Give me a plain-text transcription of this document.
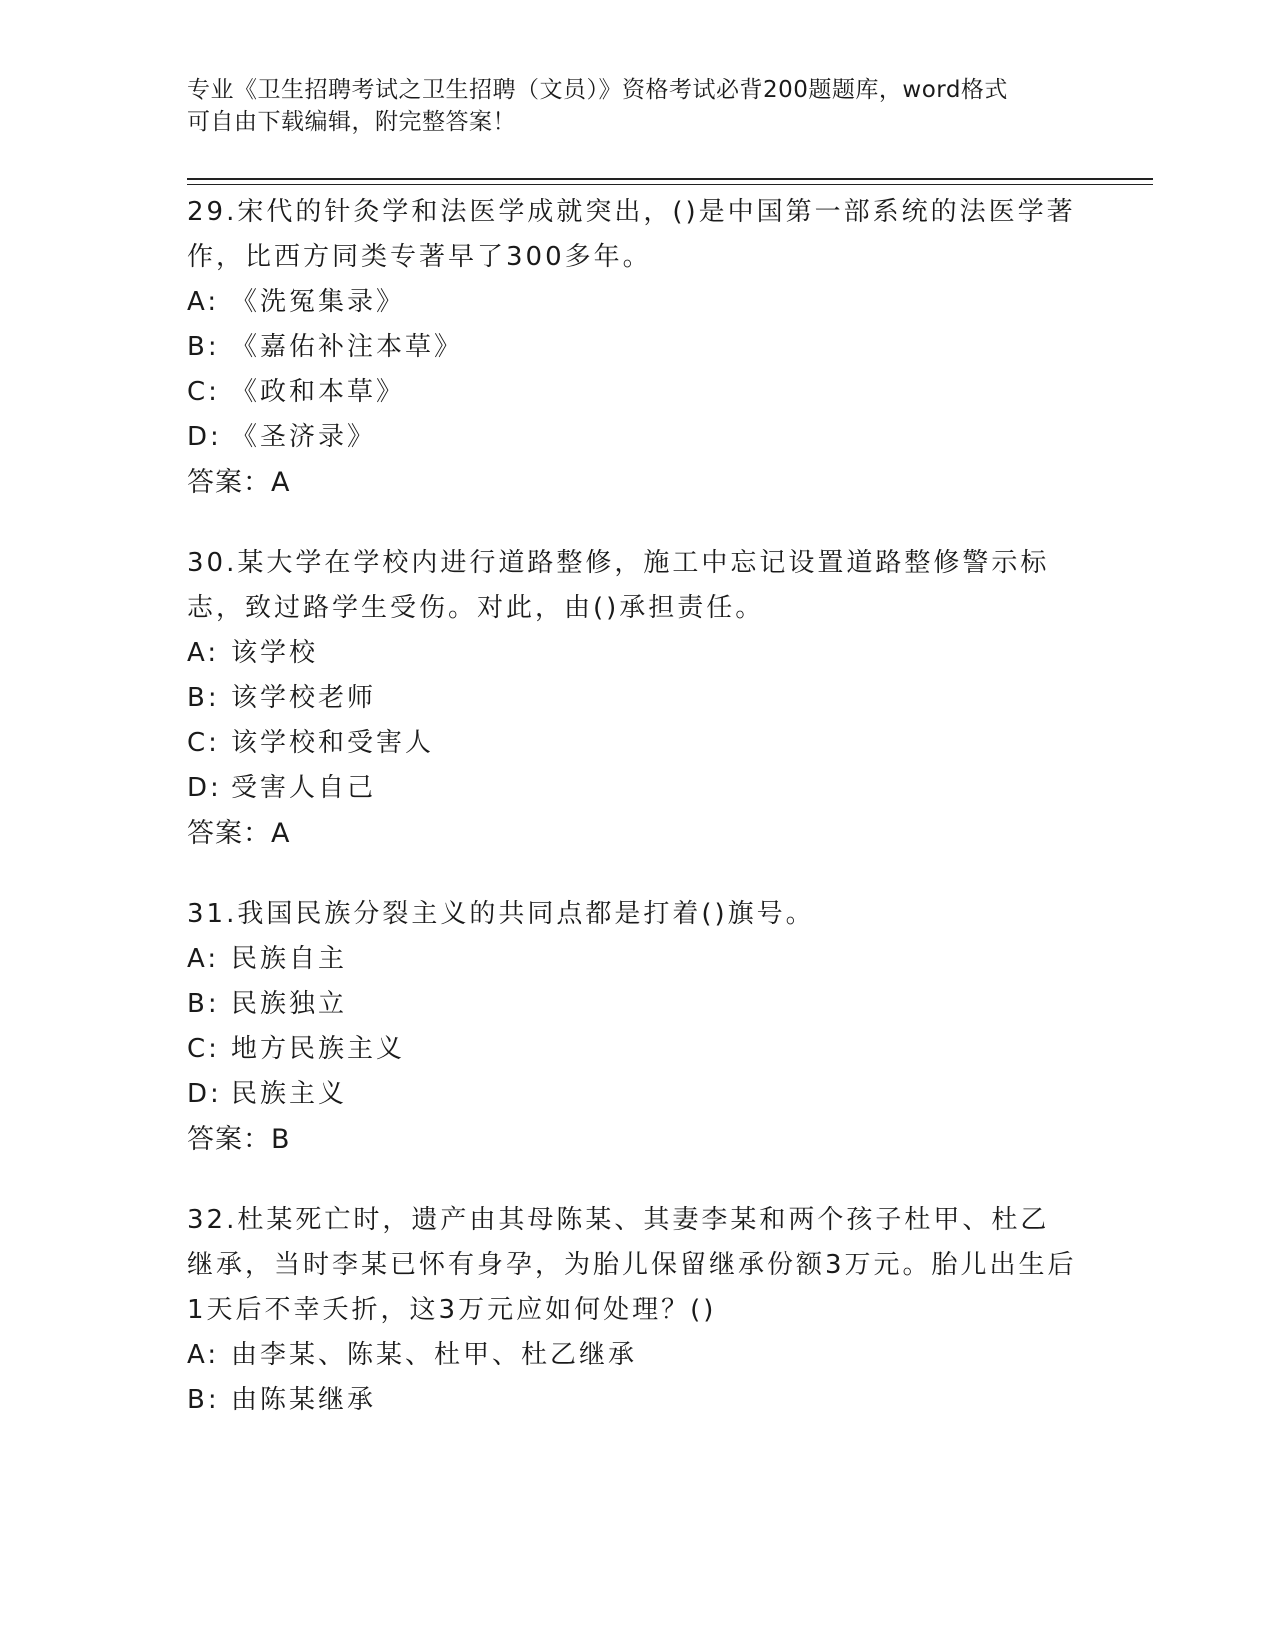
专业《卫生招聘考试之卫生招聘（文员）》资格考试必背200题题库，word格式
可自由下载编辑，附完整答案！

29.宋代的针灸学和法医学成就突出，()是中国第一部系统的法医学著作，比西方同类专著早了300多年。

A: 《洗冤集录》
B: 《嘉佑补注本草》
C: 《政和本草》
D: 《圣济录》

答案：A

30.某大学在学校内进行道路整修，施工中忘记设置道路整修警示标志，致过路学生受伤。对此，由()承担责任。

A: 该学校
B: 该学校老师
C: 该学校和受害人
D: 受害人自己

答案：A

31.我国民族分裂主义的共同点都是打着()旗号。

A: 民族自主
B: 民族独立
C: 地方民族主义
D: 民族主义

答案：B

32.杜某死亡时，遗产由其母陈某、其妻李某和两个孩子杜甲、杜乙继承，当时李某已怀有身孕，为胎儿保留继承份额3万元。胎儿出生后1天后不幸夭折，这3万元应如何处理？()

A: 由李某、陈某、杜甲、杜乙继承
B: 由陈某继承
